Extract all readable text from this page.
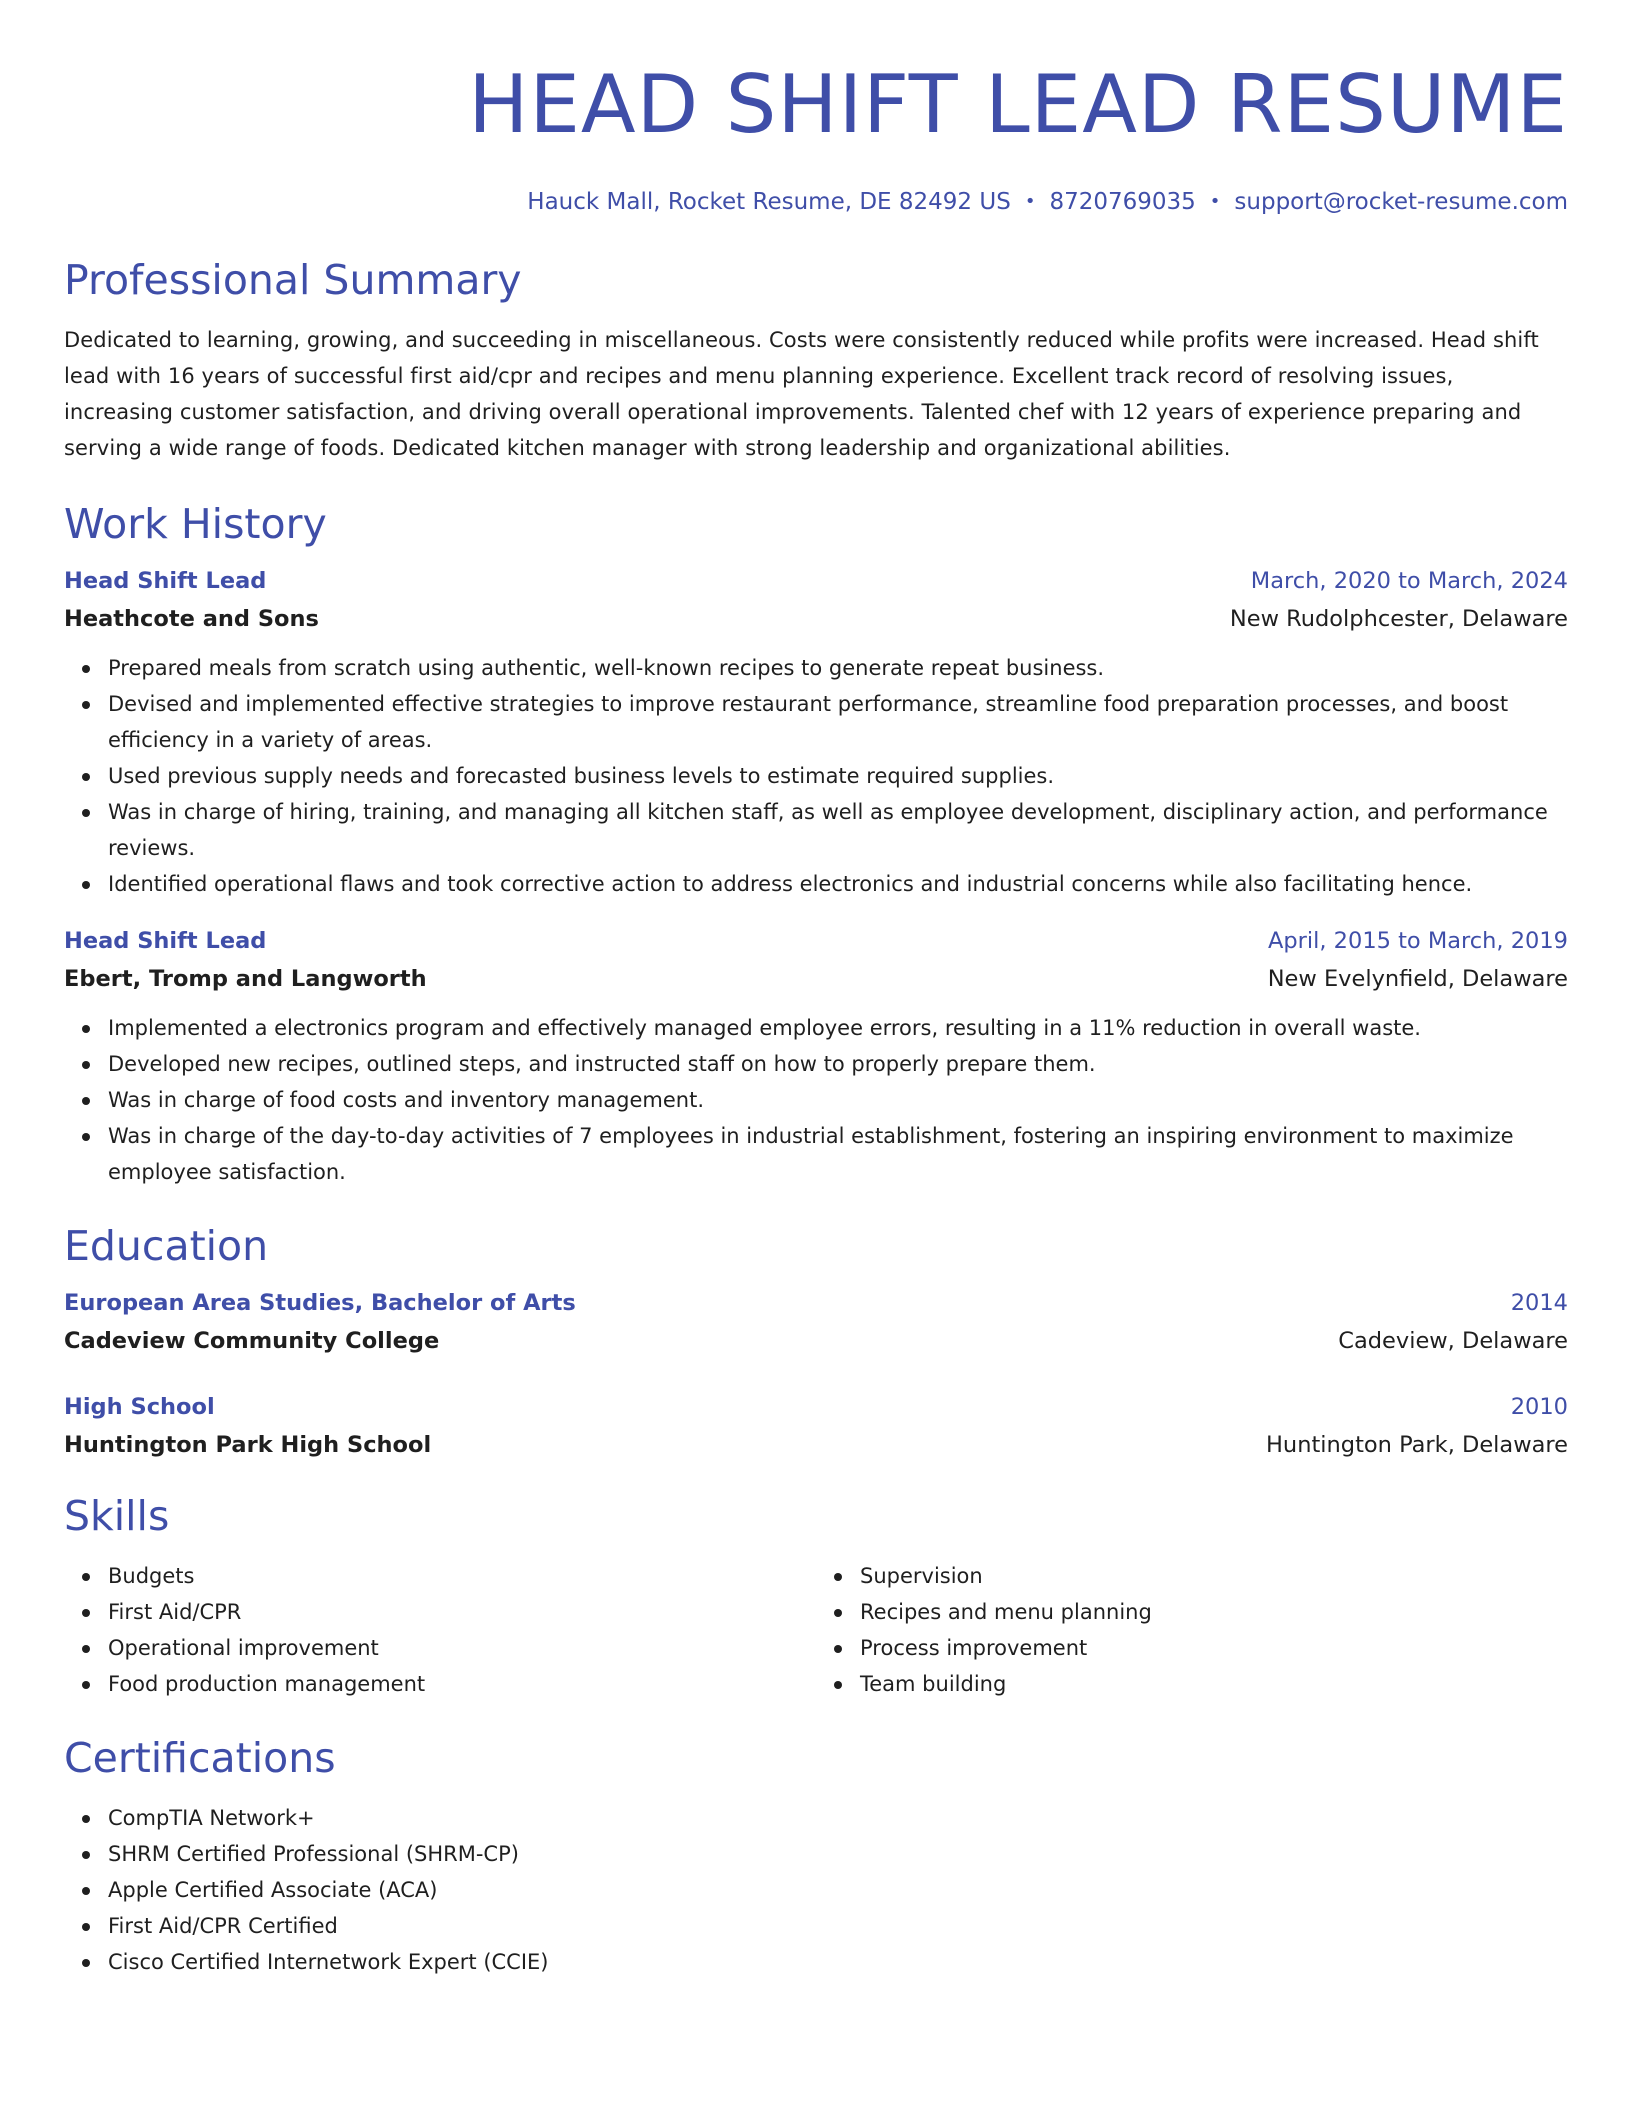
HEAD SHIFT LEAD RESUME
Hauck Mall, Rocket Resume, DE 82492 US • 8720769035 • support@rocket-resume.com
Professional Summary

Dedicated to learning, growing, and succeeding in miscellaneous. Costs were consistently reduced while profits were increased. Head shift lead with 16 years of successful first aid/cpr and recipes and menu planning experience. Excellent track record of resolving issues, increasing customer satisfaction, and driving overall operational improvements. Talented chef with 12 years of experience preparing and serving a wide range of foods. Dedicated kitchen manager with strong leadership and organizational abilities.

Work History
Head Shift Lead	March, 2020 to March, 2024
Heathcote and Sons	New Rudolphcester, Delaware
Prepared meals from scratch using authentic, well-known recipes to generate repeat business.
Devised and implemented effective strategies to improve restaurant performance, streamline food preparation processes, and boost efficiency in a variety of areas.
Used previous supply needs and forecasted business levels to estimate required supplies.
Was in charge of hiring, training, and managing all kitchen staff, as well as employee development, disciplinary action, and performance reviews.
Identified operational flaws and took corrective action to address electronics and industrial concerns while also facilitating hence.
Head Shift Lead	April, 2015 to March, 2019
Ebert, Tromp and Langworth	New Evelynfield, Delaware
Implemented a electronics program and effectively managed employee errors, resulting in a 11% reduction in overall waste.
Developed new recipes, outlined steps, and instructed staff on how to properly prepare them.
Was in charge of food costs and inventory management.
Was in charge of the day-to-day activities of 7 employees in industrial establishment, fostering an inspiring environment to maximize employee satisfaction.
Education
European Area Studies, Bachelor of Arts	2014
Cadeview Community College	Cadeview, Delaware
High School	2010
Huntington Park High School	Huntington Park, Delaware
Skills
Budgets
First Aid/CPR
Operational improvement
Food production management
Supervision
Recipes and menu planning
Process improvement
Team building
Certifications
CompTIA Network+
SHRM Certified Professional (SHRM-CP)
Apple Certified Associate (ACA)
First Aid/CPR Certified
Cisco Certified Internetwork Expert (CCIE)
